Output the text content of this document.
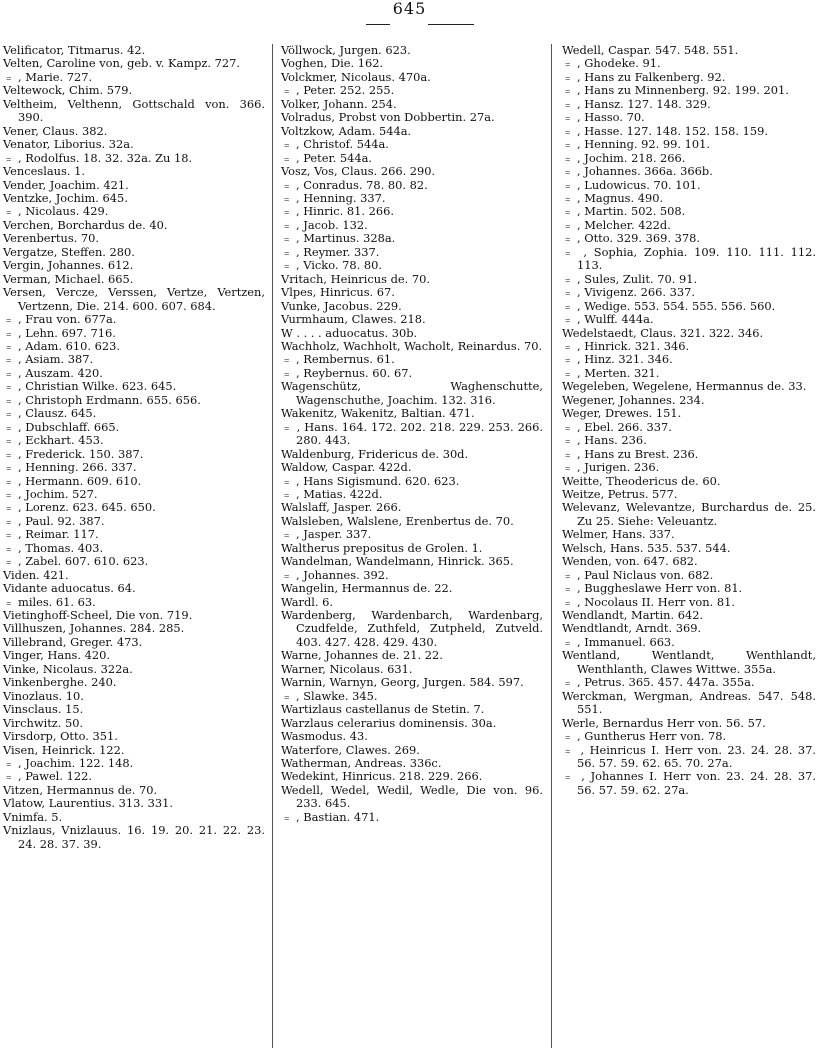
645
Velificator, Titmarus. 42.
Velten, Caroline von, geb. v. Kampz. 727.
﹦ , Marie. 727.
Veltewock, Chim. 579.
Veltheim, Velthenn, Gottschald von. 366. 390.
Vener, Claus. 382.
Venator, Liborius. 32a.
﹦ , Rodolfus. 18. 32. 32a. Zu 18.
Venceslaus. 1.
Vender, Joachim. 421.
Ventzke, Jochim. 645.
﹦ , Nicolaus. 429.
Verchen, Borchardus de. 40.
Verenbertus. 70.
Vergatze, Steffen. 280.
Vergin, Johannes. 612.
Verman, Michael. 665.
Versen, Vercze, Verssen, Vertze, Vertzen, Vertzenn, Die. 214. 600. 607. 684.
﹦ , Frau von. 677a.
﹦ , Lehn. 697. 716.
﹦ , Adam. 610. 623.
﹦ , Asiam. 387.
﹦ , Auszam. 420.
﹦ , Christian Wilke. 623. 645.
﹦ , Christoph Erdmann. 655. 656.
﹦ , Clausz. 645.
﹦ , Dubschlaff. 665.
﹦ , Eckhart. 453.
﹦ , Frederick. 150. 387.
﹦ , Henning. 266. 337.
﹦ , Hermann. 609. 610.
﹦ , Jochim. 527.
﹦ , Lorenz. 623. 645. 650.
﹦ , Paul. 92. 387.
﹦ , Reimar. 117.
﹦ , Thomas. 403.
﹦ , Zabel. 607. 610. 623.
Viden. 421.
Vidante aduocatus. 64.
﹦ miles. 61. 63.
Vietinghoff-Scheel, Die von. 719.
Villhuszen, Johannes. 284. 285.
Villebrand, Greger. 473.
Vinger, Hans. 420.
Vinke, Nicolaus. 322a.
Vinkenberghe. 240.
Vinozlaus. 10.
Vinsclaus. 15.
Virchwitz. 50.
Virsdorp, Otto. 351.
Visen, Heinrick. 122.
﹦ , Joachim. 122. 148.
﹦ , Pawel. 122.
Vitzen, Hermannus de. 70.
Vlatow, Laurentius. 313. 331.
Vnimfa. 5.
Vnizlaus, Vnizlauus. 16. 19. 20. 21. 22. 23. 24. 28. 37. 39.
Völlwock, Jurgen. 623.
Voghen, Die. 162.
Volckmer, Nicolaus. 470a.
﹦ , Peter. 252. 255.
Volker, Johann. 254.
Volradus, Probst von Dobbertin. 27a.
Voltzkow, Adam. 544a.
﹦ , Christof. 544a.
﹦ , Peter. 544a.
Vosz, Vos, Claus. 266. 290.
﹦ , Conradus. 78. 80. 82.
﹦ , Henning. 337.
﹦ , Hinric. 81. 266.
﹦ , Jacob. 132.
﹦ , Martinus. 328a.
﹦ , Reymer. 337.
﹦ , Vicko. 78. 80.
Vritach, Heinricus de. 70.
Vlpes, Hinricus. 67.
Vunke, Jacobus. 229.
Vurmhaum, Clawes. 218.
W . . . . aduocatus. 30b.
Wachholz, Wachholt, Wacholt, Reinardus. 70.
﹦ , Rembernus. 61.
﹦ , Reybernus. 60. 67.
Wagenschütz, Waghenschutte, Wagenschuthe, Joachim. 132. 316.
Wakenitz, Wakenitz, Baltian. 471.
﹦ , Hans. 164. 172. 202. 218. 229. 253. 266. 280. 443.
Waldenburg, Fridericus de. 30d.
Waldow, Caspar. 422d.
﹦ , Hans Sigismund. 620. 623.
﹦ , Matias. 422d.
Walslaff, Jasper. 266.
Walsleben, Walslene, Erenbertus de. 70.
﹦ , Jasper. 337.
Waltherus prepositus de Grolen. 1.
Wandelman, Wandelmann, Hinrick. 365.
﹦ , Johannes. 392.
Wangelin, Hermannus de. 22.
Wardl. 6.
Wardenberg, Wardenbarch, Wardenbarg, Czudfelde, Zuthfeld, Zutpheld, Zutveld. 403. 427. 428. 429. 430.
Warne, Johannes de. 21. 22.
Warner, Nicolaus. 631.
Warnin, Warnyn, Georg, Jurgen. 584. 597.
﹦ , Slawke. 345.
Wartizlaus castellanus de Stetin. 7.
Warzlaus celerarius dominensis. 30a.
Wasmodus. 43.
Waterfore, Clawes. 269.
Watherman, Andreas. 336c.
Wedekint, Hinricus. 218. 229. 266.
Wedell, Wedel, Wedil, Wedle, Die von. 96. 233. 645.
﹦ , Bastian. 471.
Wedell, Caspar. 547. 548. 551.
﹦ , Ghodeke. 91.
﹦ , Hans zu Falkenberg. 92.
﹦ , Hans zu Minnenberg. 92. 199. 201.
﹦ , Hansz. 127. 148. 329.
﹦ , Hasso. 70.
﹦ , Hasse. 127. 148. 152. 158. 159.
﹦ , Henning. 92. 99. 101.
﹦ , Jochim. 218. 266.
﹦ , Johannes. 366a. 366b.
﹦ , Ludowicus. 70. 101.
﹦ , Magnus. 490.
﹦ , Martin. 502. 508.
﹦ , Melcher. 422d.
﹦ , Otto. 329. 369. 378.
﹦ , Sophia, Zophia. 109. 110. 111. 112. 113.
﹦ , Sules, Zulit. 70. 91.
﹦ , Vivigenz. 266. 337.
﹦ , Wedige. 553. 554. 555. 556. 560.
﹦ , Wulff. 444a.
Wedelstaedt, Claus. 321. 322. 346.
﹦ , Hinrick. 321. 346.
﹦ , Hinz. 321. 346.
﹦ , Merten. 321.
Wegeleben, Wegelene, Hermannus de. 33.
Wegener, Johannes. 234.
Weger, Drewes. 151.
﹦ , Ebel. 266. 337.
﹦ , Hans. 236.
﹦ , Hans zu Brest. 236.
﹦ , Jurigen. 236.
Weitte, Theodericus de. 60.
Weitze, Petrus. 577.
Welevanz, Welevantze, Burchardus de. 25. Zu 25. Siehe: Veleuantz.
Welmer, Hans. 337.
Welsch, Hans. 535. 537. 544.
Wenden, von. 647. 682.
﹦ , Paul Niclaus von. 682.
﹦ , Buggheslawe Herr von. 81.
﹦ , Nocolaus II. Herr von. 81.
Wendlandt, Martin. 642.
Wendtlandt, Arndt. 369.
﹦ , Immanuel. 663.
Wentland, Wentlandt, Wenthlandt, Wenthlanth, Clawes Wittwe. 355a.
﹦ , Petrus. 365. 457. 447a. 355a.
Werckman, Wergman, Andreas. 547. 548. 551.
Werle, Bernardus Herr von. 56. 57.
﹦ , Guntherus Herr von. 78.
﹦ , Heinricus I. Herr von. 23. 24. 28. 37. 56. 57. 59. 62. 65. 70. 27a.
﹦ , Johannes I. Herr von. 23. 24. 28. 37. 56. 57. 59. 62. 27a.
